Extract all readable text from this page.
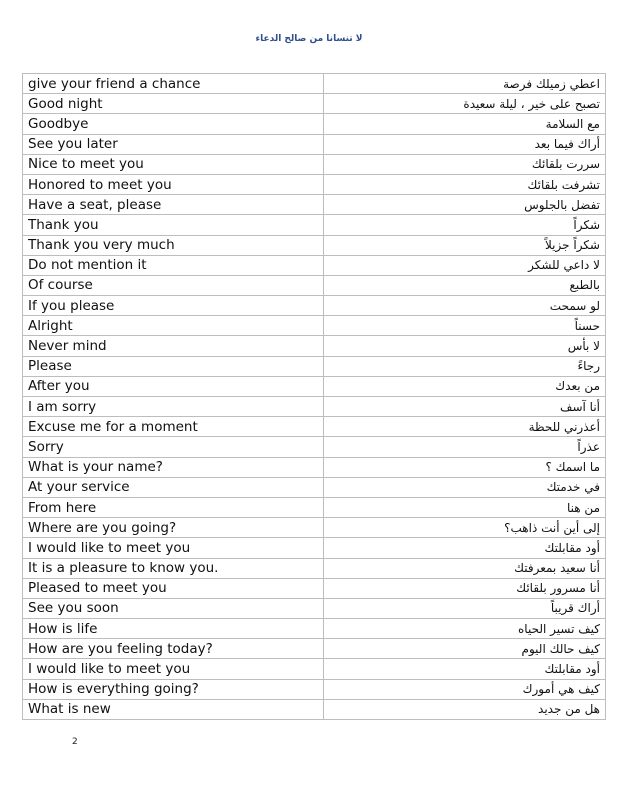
لا تنسانا من صالح الدعاء
give your friend a chance	اعطي زميلك فرصة
Good night	تصبح على خير ، ليلة سعيدة
Goodbye	مع السلامة
See you later	أراك فيما بعد
Nice to meet you	سررت بلقائك
Honored to meet you	تشرفت بلقائك
Have a seat, please	تفضل بالجلوس
Thank you	شكراً
Thank you very much	شكراً جزيلاً
Do not mention it	لا داعي للشكر
Of course	بالطبع
If you please	لو سمحت
Alright	حسناً
Never mind	لا بأس
Please	رجاءً
After you	من بعدك
I am sorry	أنا آسف
Excuse me for a moment	أعذرني للحظة
Sorry	عذراً
What is your name?	ما اسمك ؟
At your service	في خدمتك
From here	من هنا
Where are you going?	إلى أين أنت ذاهب؟
I would like to meet you	أود مقابلتك
It is a pleasure to know you.	أنا سعيد بمعرفتك
Pleased to meet you	أنا مسرور بلقائك
See you soon	أراك قريباً
How is life	كيف تسير الحياه
How are you feeling today?	كيف حالك اليوم
I would like to meet you	أود مقابلتك
How is everything going?	كيف هي أمورك
What is new	هل من جديد
2
